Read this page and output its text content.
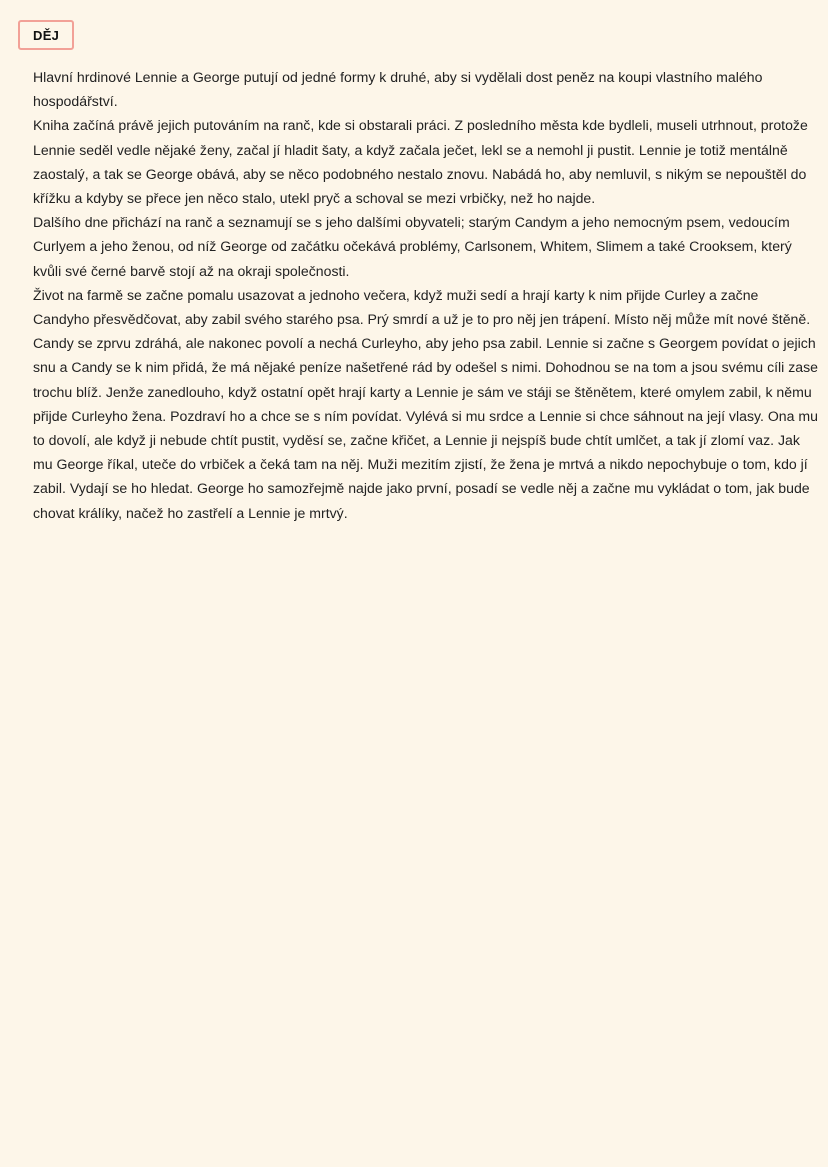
DĚJ

Hlavní hrdinové Lennie a George putují od jedné formy k druhé, aby si vydělali dost peněz na koupi vlastního malého hospodářství.

Kniha začíná právě jejich putováním na ranč, kde si obstarali práci. Z posledního města kde bydleli, museli utrhnout, protože Lennie seděl vedle nějaké ženy, začal jí hladit šaty, a když začala ječet, lekl se a nemohl ji pustit. Lennie je totiž mentálně zaostalý, a tak se George obává, aby se něco podobného nestalo znovu. Nabádá ho, aby nemluvil, s nikým se nepouštěl do křížku a kdyby se přece jen něco stalo, utekl pryč a schoval se mezi vrbičky, než ho najde.

Dalšího dne přichází na ranč a seznamují se s jeho dalšími obyvateli; starým Candym a jeho nemocným psem, vedoucím Curlyem a jeho ženou, od níž George od začátku očekává problémy, Carlsonem, Whitem, Slimem a také Crooksem, který kvůli své černé barvě stojí až na okraji společnosti.

Život na farmě se začne pomalu usazovat a jednoho večera, když muži sedí a hrají karty k nim přijde Curley a začne Candyho přesvědčovat, aby zabil svého starého psa. Prý smrdí a už je to pro něj jen trápení. Místo něj může mít nové štěně. Candy se zprvu zdráhá, ale nakonec povolí a nechá Curleyho, aby jeho psa zabil. Lennie si začne s Georgem povídat o jejich snu a Candy se k nim přidá, že má nějaké peníze našetřené rád by odešel s nimi. Dohodnou se na tom a jsou svému cíli zase trochu blíž. Jenže zanedlouho, když ostatní opět hrají karty a Lennie je sám ve stáji se štěnětem, které omylem zabil, k němu přijde Curleyho žena. Pozdraví ho a chce se s ním povídat. Vylévá si mu srdce a Lennie si chce sáhnout na její vlasy. Ona mu to dovolí, ale když ji nebude chtít pustit, vyděsí se, začne křičet, a Lennie ji nejspíš bude chtít umlčet, a tak jí zlomí vaz. Jak mu George říkal, uteče do vrbiček a čeká tam na něj. Muži mezitím zjistí, že žena je mrtvá a nikdo nepochybuje o tom, kdo jí zabil. Vydají se ho hledat. George ho samozřejmě najde jako první, posadí se vedle něj a začne mu vykládat o tom, jak bude chovat králíky, načež ho zastřelí a Lennie je mrtvý.
